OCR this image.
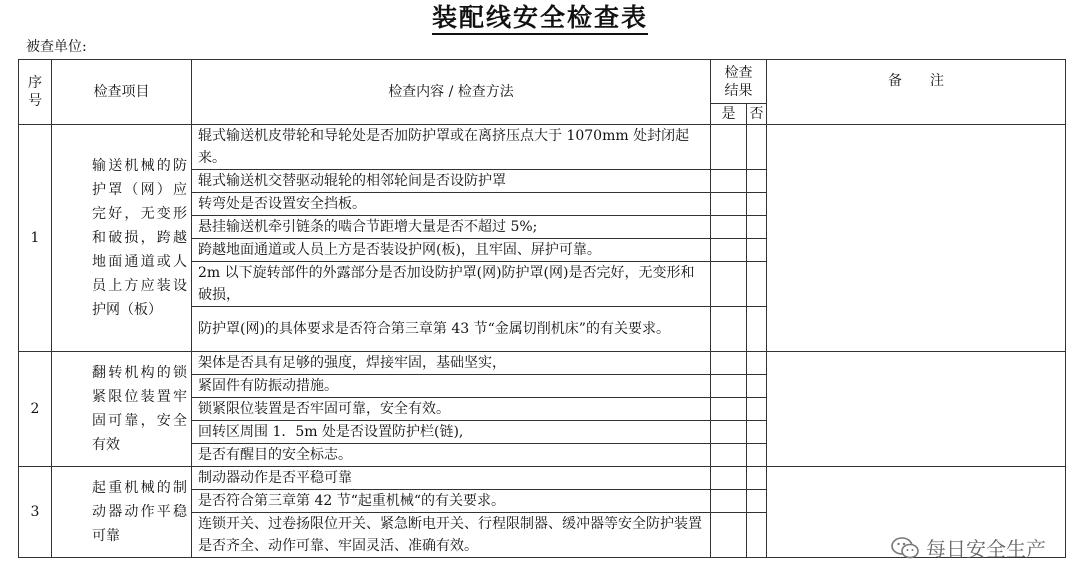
装配线安全检查表
被查单位:
序
号	检查项目	检查内容 / 检查方法	检查
结果		备　　注
			是	否	
1	输送机械的防护罩（网）应完好，无变形和破损，跨越地面通道或人员上方应装设护网（板）	辊式输送机皮带轮和导轮处是否加防护罩或在离挤压点大于 1070mm 处封闭起来。			
		辊式输送机交替驱动辊轮的相邻轮间是否设防护罩			
		转弯处是否设置安全挡板。			
		悬挂输送机牵引链条的啮合节距增大量是否不超过 5%;			
		跨越地面通道或人员上方是否装设护网(板)，且牢固、屏护可靠。			
		2m 以下旋转部件的外露部分是否加设防护罩(网)防护罩(网)是否完好，无变形和破损，			
		防护罩(网)的具体要求是否符合第三章第 43 节“金属切削机床”的有关要求。			
2	翻转机构的锁紧限位装置牢固可靠，安全有效	架体是否具有足够的强度，焊接牢固，基础坚实，			
		紧固件有防振动措施。			
		锁紧限位装置是否牢固可靠，安全有效。			
		回转区周围 1．5m 处是否设置防护栏(链),			
		是否有醒目的安全标志。			
3	起重机械的制动器动作平稳可靠	制动器动作是否平稳可靠			
		是否符合第三章第 42 节“起重机械“的有关要求。			
		连锁开关、过卷扬限位开关、紧急断电开关、行程限制器、缓冲器等安全防护装置是否齐全、动作可靠、牢固灵活、准确有效。				每日安全生产
